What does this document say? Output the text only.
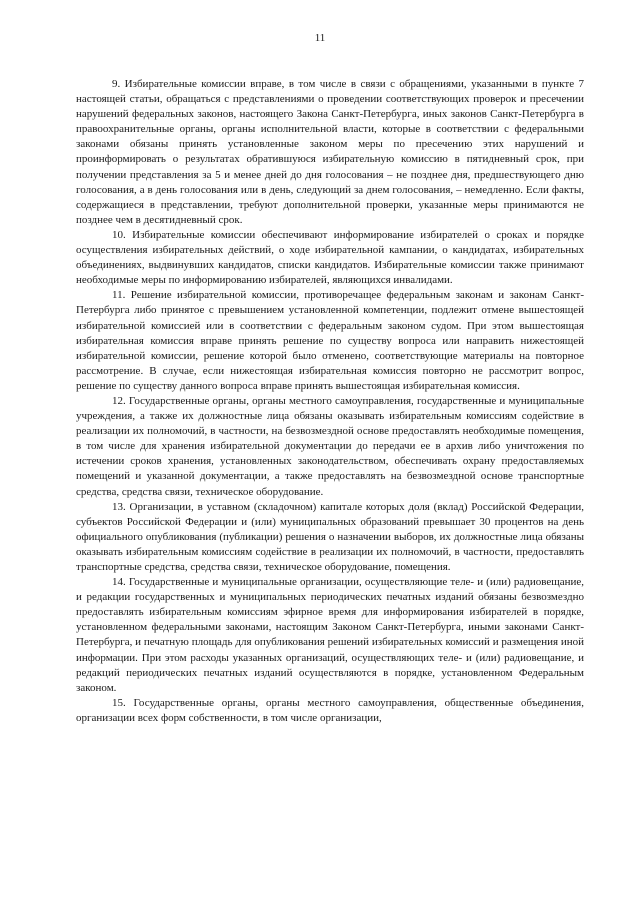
11

9. Избирательные комиссии вправе, в том числе в связи с обращениями, указанными в пункте 7 настоящей статьи, обращаться с представлениями о проведении соответствующих проверок и пресечении нарушений федеральных законов, настоящего Закона Санкт-Петербурга, иных законов Санкт-Петербурга в правоохранительные органы, органы исполнительной власти, которые в соответствии с федеральными законами обязаны принять установленные законом меры по пресечению этих нарушений и проинформировать о результатах обратившуюся избирательную комиссию в пятидневный срок, при получении представления за 5 и менее дней до дня голосования – не позднее дня, предшествующего дню голосования, а в день голосования или в день, следующий за днем голосования, – немедленно. Если факты, содержащиеся в представлении, требуют дополнительной проверки, указанные меры принимаются не позднее чем в десятидневный срок.

10. Избирательные комиссии обеспечивают информирование избирателей о сроках и порядке осуществления избирательных действий, о ходе избирательной кампании, о кандидатах, избирательных объединениях, выдвинувших кандидатов, списки кандидатов. Избирательные комиссии также принимают необходимые меры по информированию избирателей, являющихся инвалидами.

11. Решение избирательной комиссии, противоречащее федеральным законам и законам Санкт-Петербурга либо принятое с превышением установленной компетенции, подлежит отмене вышестоящей избирательной комиссией или в соответствии с федеральным законом судом. При этом вышестоящая избирательная комиссия вправе принять решение по существу вопроса или направить нижестоящей избирательной комиссии, решение которой было отменено, соответствующие материалы на повторное рассмотрение. В случае, если нижестоящая избирательная комиссия повторно не рассмотрит вопрос, решение по существу данного вопроса вправе принять вышестоящая избирательная комиссия.

12. Государственные органы, органы местного самоуправления, государственные и муниципальные учреждения, а также их должностные лица обязаны оказывать избирательным комиссиям содействие в реализации их полномочий, в частности, на безвозмездной основе предоставлять необходимые помещения, в том числе для хранения избирательной документации до передачи ее в архив либо уничтожения по истечении сроков хранения, установленных законодательством, обеспечивать охрану предоставляемых помещений и указанной документации, а также предоставлять на безвозмездной основе транспортные средства, средства связи, техническое оборудование.

13. Организации, в уставном (складочном) капитале которых доля (вклад) Российской Федерации, субъектов Российской Федерации и (или) муниципальных образований превышает 30 процентов на день официального опубликования (публикации) решения о назначении выборов, их должностные лица обязаны оказывать избирательным комиссиям содействие в реализации их полномочий, в частности, предоставлять транспортные средства, средства связи, техническое оборудование, помещения.

14. Государственные и муниципальные организации, осуществляющие теле- и (или) радиовещание, и редакции государственных и муниципальных периодических печатных изданий обязаны безвозмездно предоставлять избирательным комиссиям эфирное время для информирования избирателей в порядке, установленном федеральными законами, настоящим Законом Санкт-Петербурга, иными законами Санкт-Петербурга, и печатную площадь для опубликования решений избирательных комиссий и размещения иной информации. При этом расходы указанных организаций, осуществляющих теле- и (или) радиовещание, и редакций периодических печатных изданий осуществляются в порядке, установленном Федеральным законом.

15. Государственные органы, органы местного самоуправления, общественные объединения, организации всех форм собственности, в том числе организации,
